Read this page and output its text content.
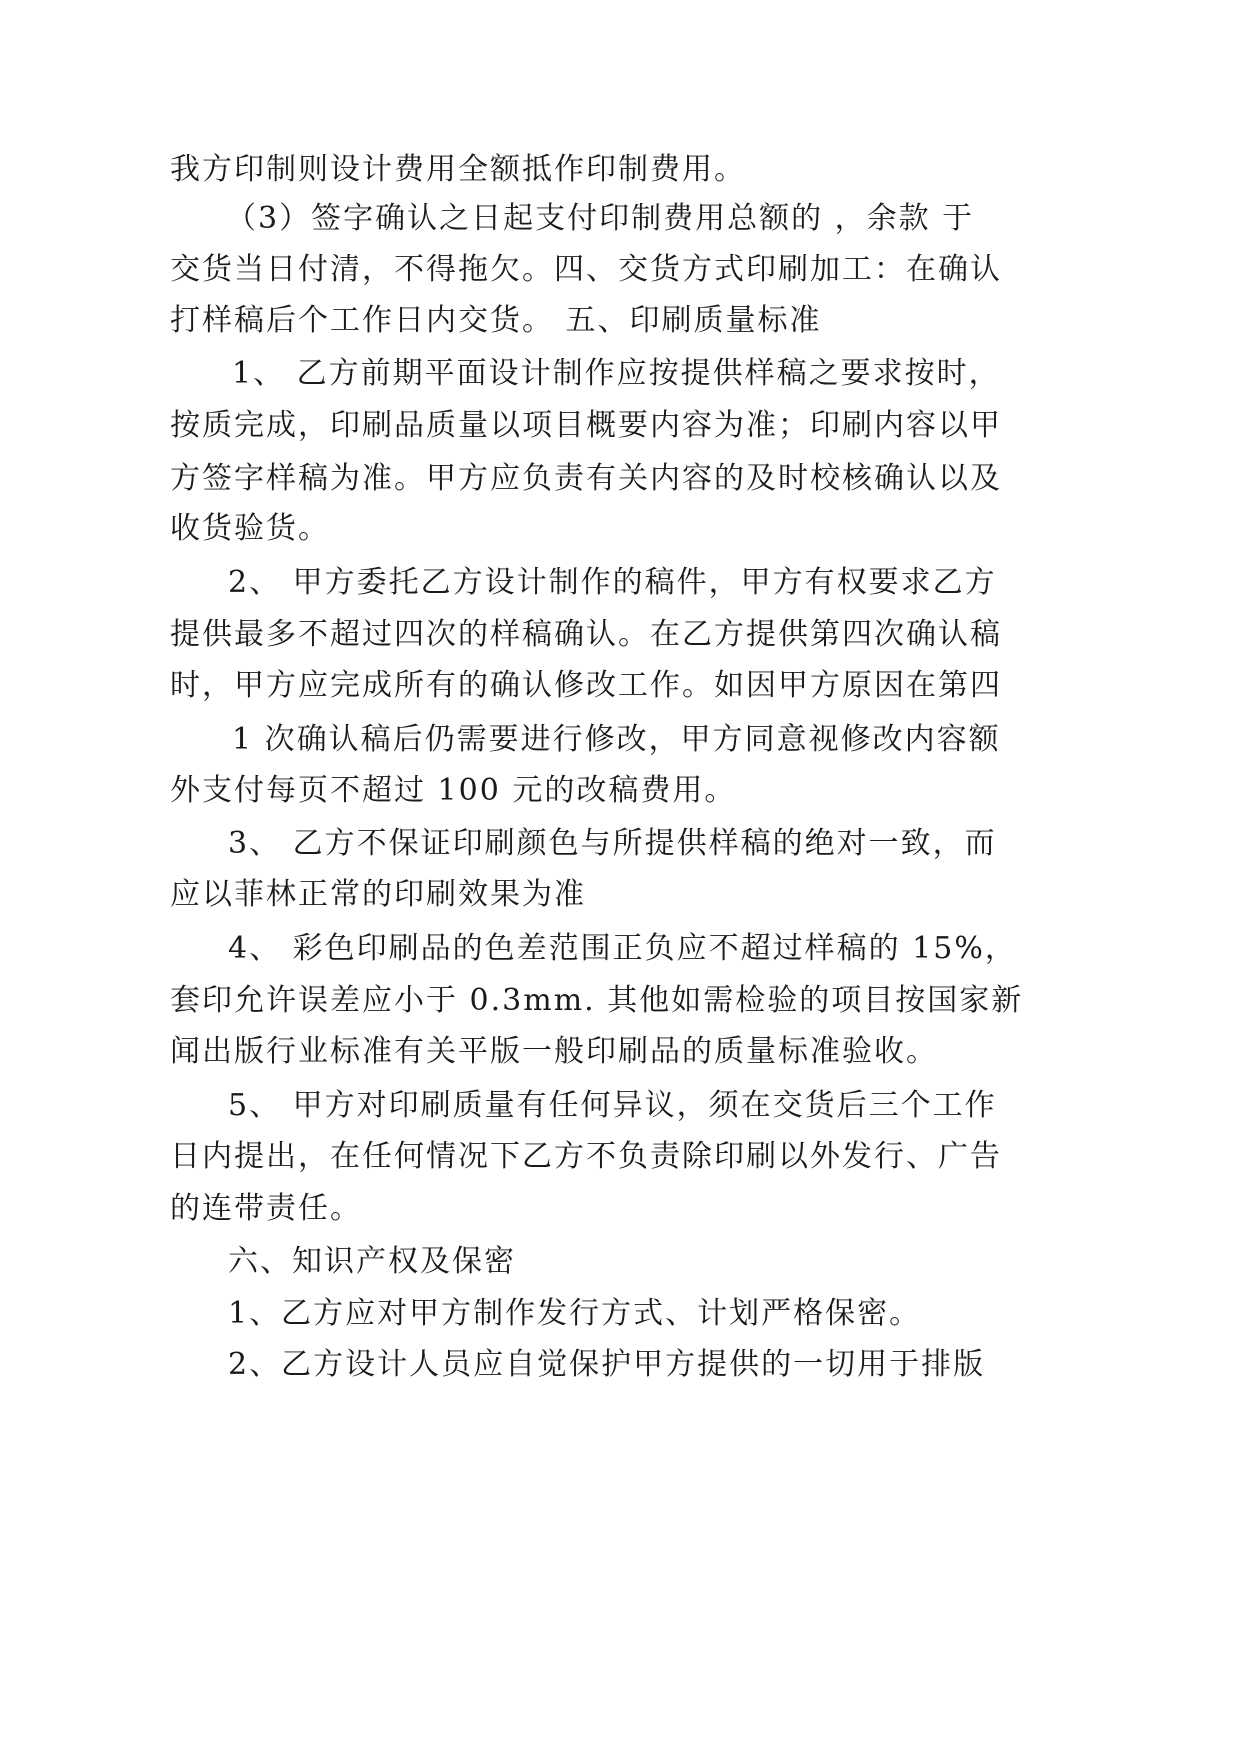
我方印制则设计费用全额抵作印制费用。
（3）签字确认之日起支付印制费用总额的 ，余款 于
交货当日付清，不得拖欠。四、交货方式印刷加工：在确认
打样稿后个工作日内交货。 五、印刷质量标准
1、 乙方前期平面设计制作应按提供样稿之要求按时，
按质完成，印刷品质量以项目概要内容为准；印刷内容以甲
方签字样稿为准。甲方应负责有关内容的及时校核确认以及
收货验货。
2、 甲方委托乙方设计制作的稿件，甲方有权要求乙方
提供最多不超过四次的样稿确认。在乙方提供第四次确认稿
时，甲方应完成所有的确认修改工作。如因甲方原因在第四
1 次确认稿后仍需要进行修改，甲方同意视修改内容额
外支付每页不超过 100 元的改稿费用。
3、 乙方不保证印刷颜色与所提供样稿的绝对一致，而
应以菲林正常的印刷效果为准
4、 彩色印刷品的色差范围正负应不超过样稿的 15%，
套印允许误差应小于 0.3mm. 其他如需检验的项目按国家新
闻出版行业标准有关平版一般印刷品的质量标准验收。
5、 甲方对印刷质量有任何异议，须在交货后三个工作
日内提出，在任何情况下乙方不负责除印刷以外发行、广告
的连带责任。
六、知识产权及保密
1、乙方应对甲方制作发行方式、计划严格保密。
2、乙方设计人员应自觉保护甲方提供的一切用于排版
